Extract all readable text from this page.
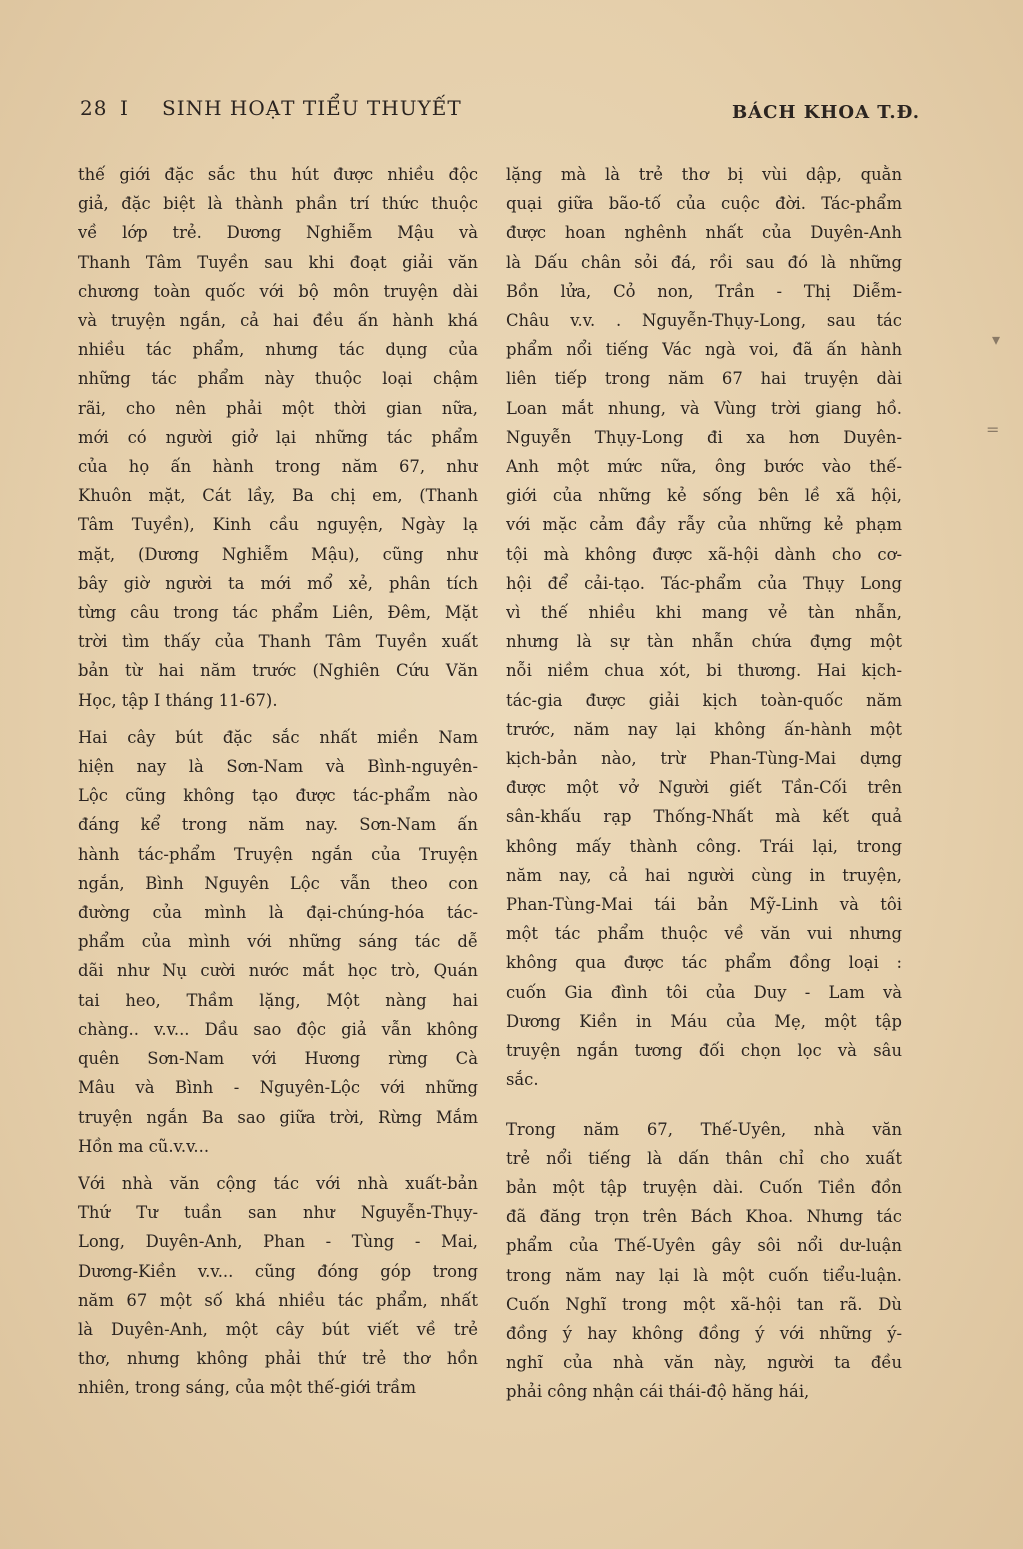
28 I SINH HOẠT TIỂU THUYẾT	BÁCH KHOA T.Đ.
thế giới đặc sắc thu hút được nhiều độc
giả, đặc biệt là thành phần trí thức thuộc
về lớp trẻ. Dương Nghiễm Mậu và
Thanh Tâm Tuyền sau khi đoạt giải văn
chương toàn quốc với bộ môn truyện dài
và truyện ngắn, cả hai đều ấn hành khá
nhiều tác phẩm, nhưng tác dụng của
những tác phẩm này thuộc loại chậm
rãi, cho nên phải một thời gian nữa,
mới có người giở lại những tác phẩm
của họ ấn hành trong năm 67, như
Khuôn mặt, Cát lầy, Ba chị em, (Thanh
Tâm Tuyền), Kinh cầu nguyện, Ngày lạ
mặt, (Dương Nghiễm Mậu), cũng như
bây giờ người ta mới mổ xẻ, phân tích
từng câu trong tác phẩm Liên, Đêm, Mặt
trời tìm thấy của Thanh Tâm Tuyền xuất
bản từ hai năm trước (Nghiên Cứu Văn
Học, tập I tháng 11-67).
Hai cây bút đặc sắc nhất miền Nam
hiện nay là Sơn-Nam và Bình-nguyên-
Lộc cũng không tạo được tác-phẩm nào
đáng kể trong năm nay. Sơn-Nam ấn
hành tác-phẩm Truyện ngắn của Truyện
ngắn, Bình Nguyên Lộc vẫn theo con
đường của mình là đại-chúng-hóa tác-
phẩm của mình với những sáng tác dễ
dãi như Nụ cười nước mắt học trò, Quán
tai heo, Thầm lặng, Một nàng hai
chàng.. v.v... Dầu sao độc giả vẫn không
quên Sơn-Nam với Hương rừng Cà
Mâu và Bình - Nguyên-Lộc với những
truyện ngắn Ba sao giữa trời, Rừng Mắm
Hồn ma cũ.v.v...
Với nhà văn cộng tác với nhà xuất-bản
Thứ Tư tuần san như Nguyễn-Thụy-
Long, Duyên-Anh, Phan - Tùng - Mai,
Dương-Kiền v.v... cũng đóng góp trong
năm 67 một số khá nhiều tác phẩm, nhất
là Duyên-Anh, một cây bút viết về trẻ
thơ, nhưng không phải thứ trẻ thơ hồn
nhiên, trong sáng, của một thế-giới trầm
lặng mà là trẻ thơ bị vùi dập, quằn
quại giữa bão-tố của cuộc đời. Tác-phẩm
được hoan nghênh nhất của Duyên-Anh
là Dấu chân sỏi đá, rồi sau đó là những
Bồn lửa, Cỏ non, Trần - Thị Diễm-
Châu v.v. . Nguyễn-Thụy-Long, sau tác
phẩm nổi tiếng Vác ngà voi, đã ấn hành
liên tiếp trong năm 67 hai truyện dài
Loan mắt nhung, và Vùng trời giang hồ.
Nguyễn Thụy-Long đi xa hơn Duyên-
Anh một mức nữa, ông bước vào thế-
giới của những kẻ sống bên lề xã hội,
với mặc cảm đầy rẫy của những kẻ phạm
tội mà không được xã-hội dành cho cơ-
hội để cải-tạo. Tác-phẩm của Thụy Long
vì thế nhiều khi mang vẻ tàn nhẫn,
nhưng là sự tàn nhẫn chứa đựng một
nỗi niềm chua xót, bi thương. Hai kịch-
tác-gia được giải kịch toàn-quốc năm
trước, năm nay lại không ấn-hành một
kịch-bản nào, trừ Phan-Tùng-Mai dựng
được một vở Người giết Tần-Cối trên
sân-khấu rạp Thống-Nhất mà kết quả
không mấy thành công. Trái lại, trong
năm nay, cả hai người cùng in truyện,
Phan-Tùng-Mai tái bản Mỹ-Linh và tôi
một tác phẩm thuộc về văn vui nhưng
không qua được tác phẩm đồng loại :
cuốn Gia đình tôi của Duy - Lam và
Dương Kiền in Máu của Mẹ, một tập
truyện ngắn tương đối chọn lọc và sâu
sắc.
Trong năm 67, Thế-Uyên, nhà văn
trẻ nổi tiếng là dấn thân chỉ cho xuất
bản một tập truyện dài. Cuốn Tiền đồn
đã đăng trọn trên Bách Khoa. Nhưng tác
phẩm của Thế-Uyên gây sôi nổi dư-luận
trong năm nay lại là một cuốn tiểu-luận.
Cuốn Nghĩ trong một xã-hội tan rã. Dù
đồng ý hay không đồng ý với những ý-
nghĩ của nhà văn này, người ta đều
phải công nhận cái thái-độ hăng hái,
▾
=
